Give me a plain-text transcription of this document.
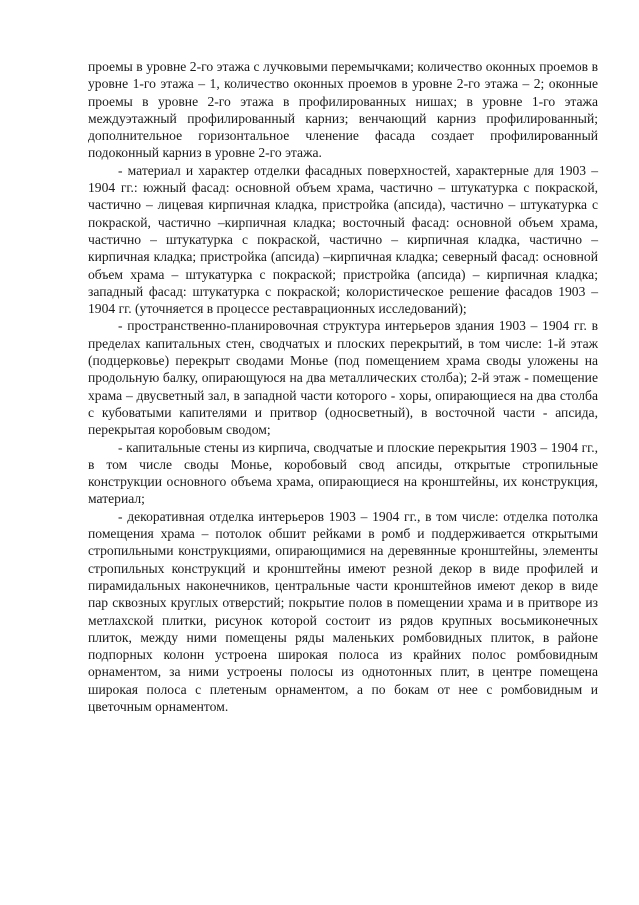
проемы в уровне 2-го этажа с лучковыми перемычками; количество оконных проемов в уровне 1-го этажа – 1, количество оконных проемов в уровне 2-го этажа – 2; оконные проемы в уровне 2-го этажа в профилированных нишах; в уровне 1-го этажа междуэтажный профилированный карниз; венчающий карниз профилированный; дополнительное горизонтальное членение фасада создает профилированный подоконный карниз в уровне 2-го этажа.

- материал и характер отделки фасадных поверхностей, характерные для 1903 – 1904 гг.: южный фасад: основной объем храма, частично – штукатурка с покраской, частично – лицевая кирпичная кладка, пристройка (апсида), частично – штукатурка с покраской, частично –кирпичная кладка; восточный фасад: основной объем храма, частично – штукатурка с покраской, частично – кирпичная кладка, частично – кирпичная кладка; пристройка (апсида) –кирпичная кладка; северный фасад: основной объем храма – штукатурка с покраской; пристройка (апсида) – кирпичная кладка; западный фасад: штукатурка с покраской; колористическое решение фасадов 1903 – 1904 гг. (уточняется в процессе реставрационных исследований);

- пространственно-планировочная структура интерьеров здания 1903 – 1904 гг. в пределах капитальных стен, сводчатых и плоских перекрытий, в том числе: 1-й этаж (подцерковье) перекрыт сводами Монье (под помещением храма своды уложены на продольную балку, опирающуюся на два металлических столба); 2-й этаж - помещение храма – двусветный зал, в западной части которого - хоры, опирающиеся на два столба с кубоватыми капителями и притвор (односветный), в восточной части - апсида, перекрытая коробовым сводом;

- капитальные стены из кирпича, сводчатые и плоские перекрытия 1903 – 1904 гг., в том числе своды Монье, коробовый свод апсиды, открытые стропильные конструкции основного объема храма, опирающиеся на кронштейны, их конструкция, материал;

- декоративная отделка интерьеров 1903 – 1904 гг., в том числе: отделка потолка помещения храма – потолок обшит рейками в ромб и поддерживается открытыми стропильными конструкциями, опирающимися на деревянные кронштейны, элементы стропильных конструкций и кронштейны имеют резной декор в виде профилей и пирамидальных наконечников, центральные части кронштейнов имеют декор в виде пар сквозных круглых отверстий; покрытие полов в помещении храма и в притворе из метлахской плитки, рисунок которой состоит из рядов крупных восьмиконечных плиток, между ними помещены ряды маленьких ромбовидных плиток, в районе подпорных колонн устроена широкая полоса из крайних полос ромбовидным орнаментом, за ними устроены полосы из однотонных плит, в центре помещена широкая полоса с плетеным орнаментом, а по бокам от нее с ромбовидным и цветочным орнаментом.
